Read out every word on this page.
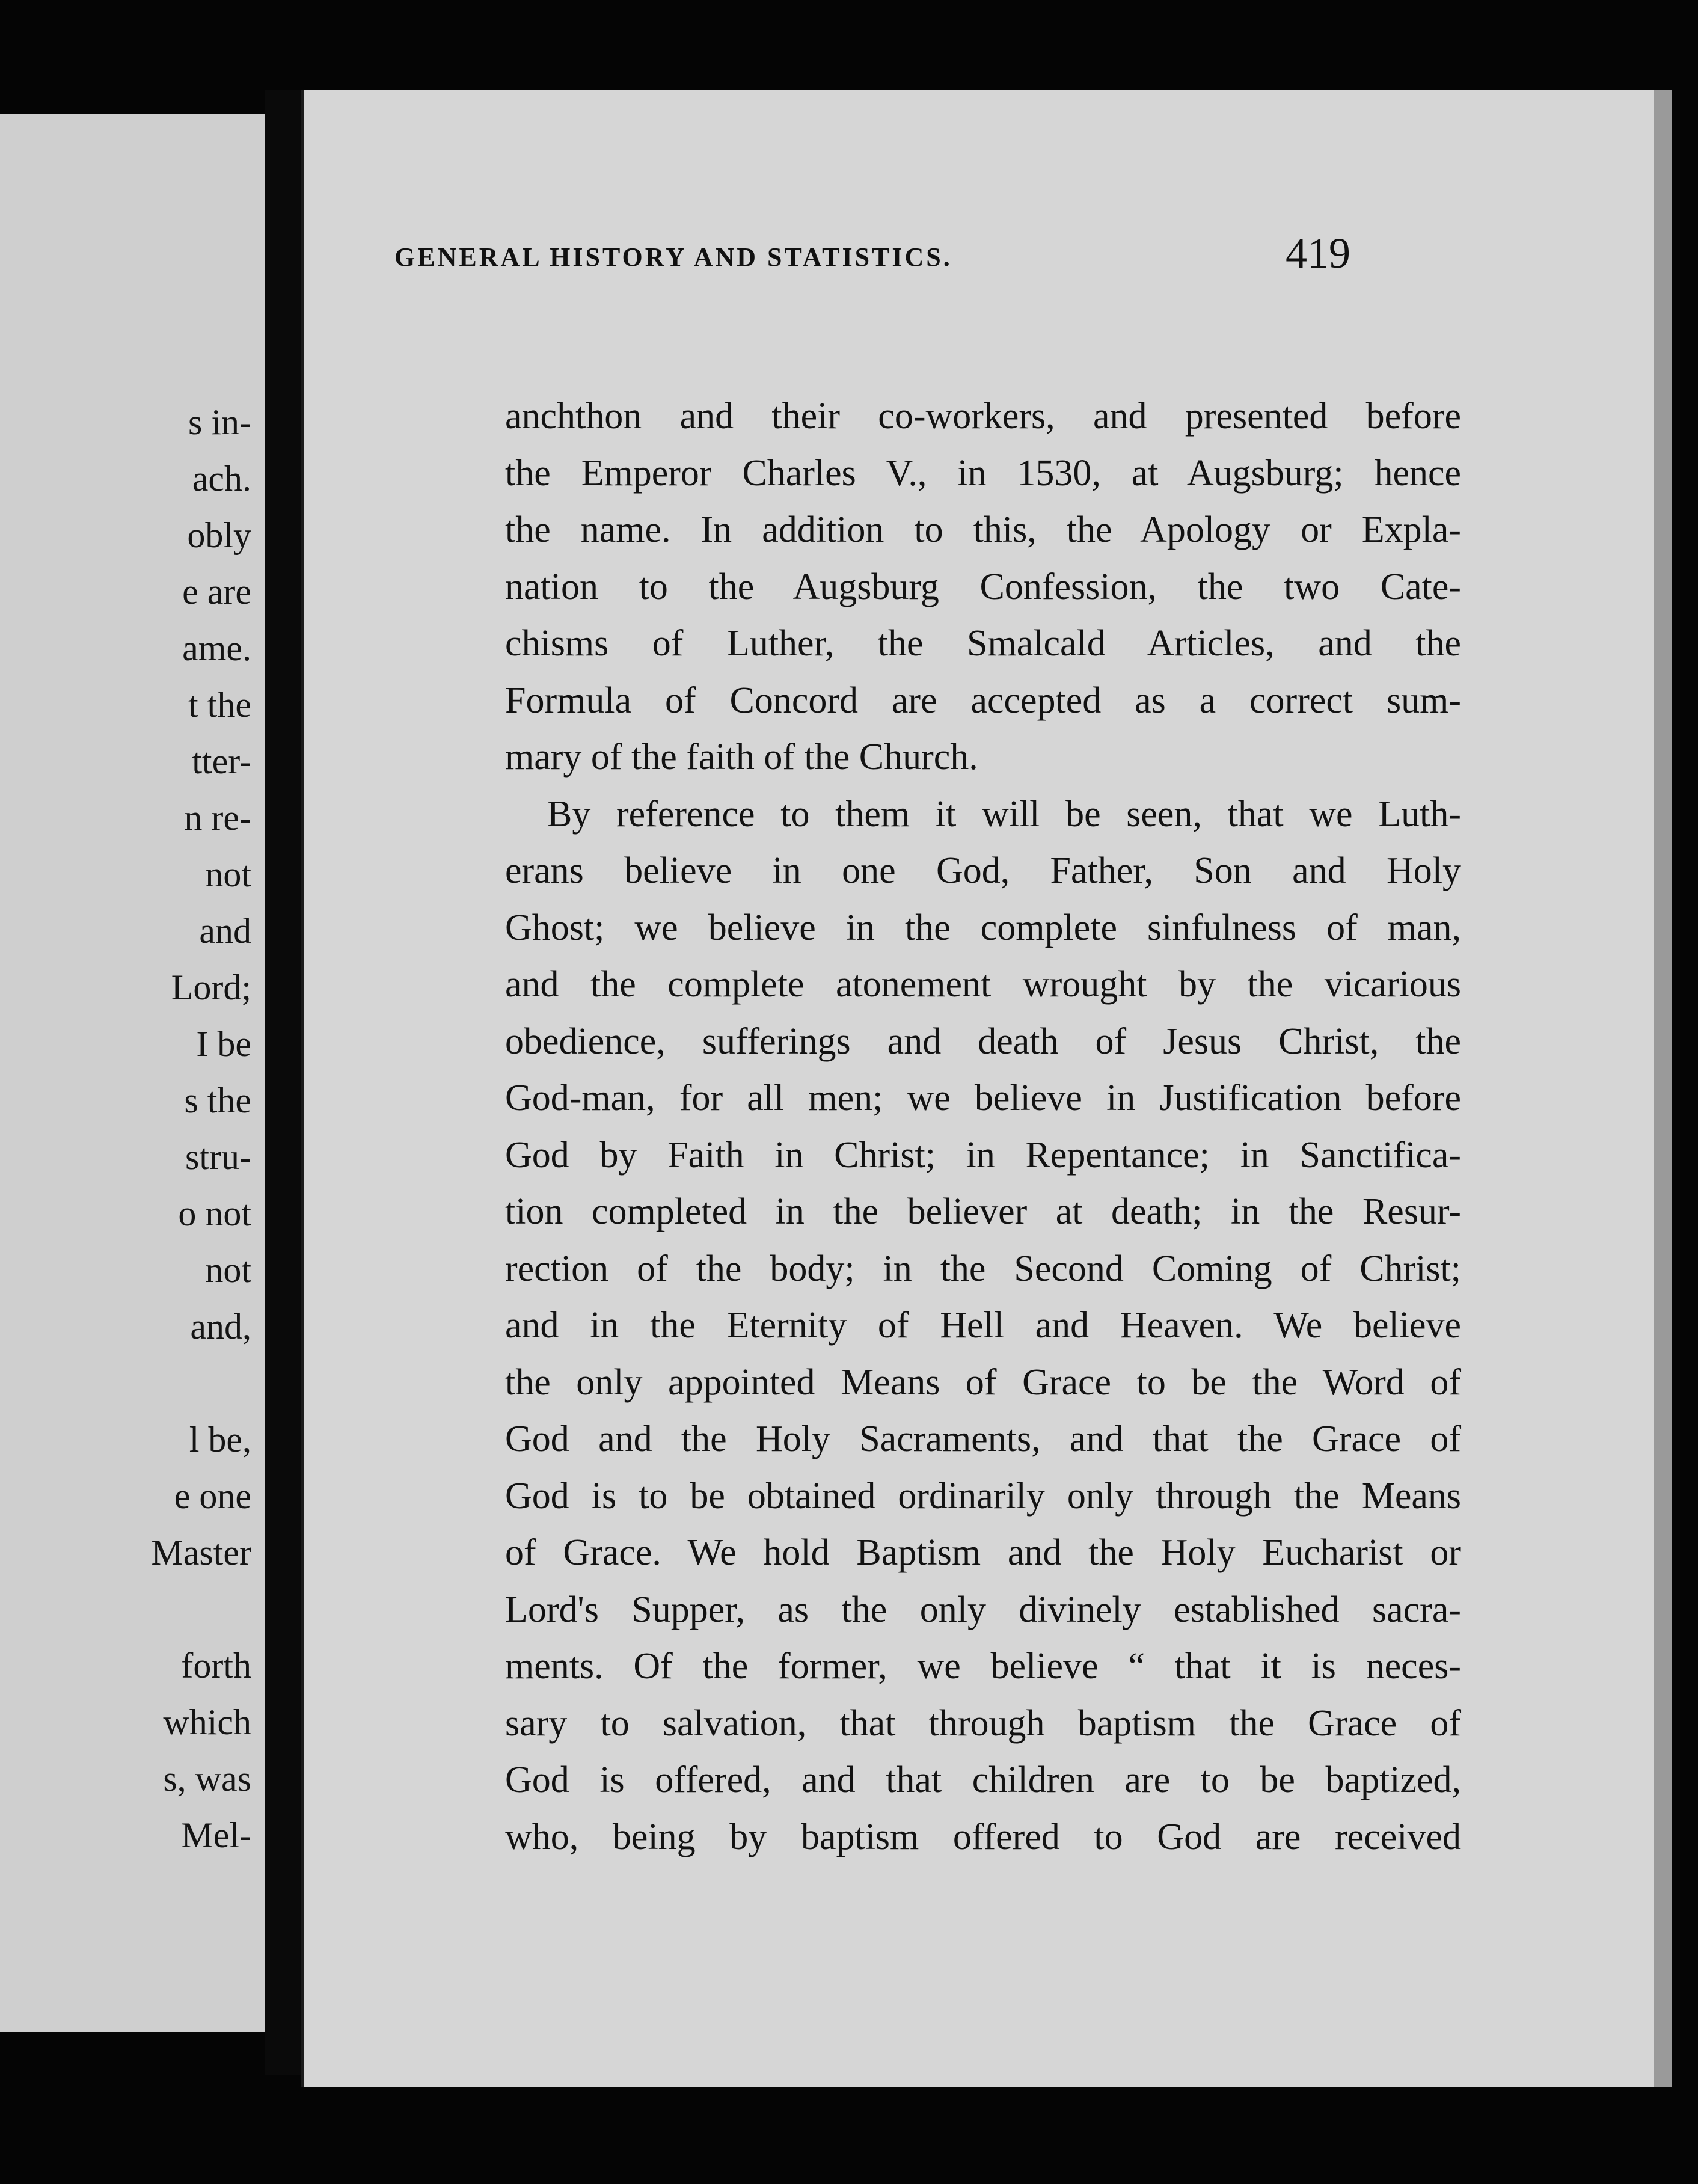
s in-
ach.
obly
e are
ame.
t the
tter-
n re-
not
and
Lord;
I be
s the
stru-
o not
not
and,
l be,
e one
Master
forth
which
s, was
Mel-
GENERAL HISTORY AND STATISTICS.	419
anchthon and their co-workers, and presented before
the Emperor Charles V., in 1530, at Augsburg; hence
the name. In addition to this, the Apology or Expla-
nation to the Augsburg Confession, the two Cate-
chisms of Luther, the Smalcald Articles, and the
Formula of Concord are accepted as a correct sum-
mary of the faith of the Church.
By reference to them it will be seen, that we Luth-
erans believe in one God, Father, Son and Holy
Ghost; we believe in the complete sinfulness of man,
and the complete atonement wrought by the vicarious
obedience, sufferings and death of Jesus Christ, the
God-man, for all men; we believe in Justification before
God by Faith in Christ; in Repentance; in Sanctifica-
tion completed in the believer at death; in the Resur-
rection of the body; in the Second Coming of Christ;
and in the Eternity of Hell and Heaven. We believe
the only appointed Means of Grace to be the Word of
God and the Holy Sacraments, and that the Grace of
God is to be obtained ordinarily only through the Means
of Grace. We hold Baptism and the Holy Eucharist or
Lord's Supper, as the only divinely established sacra-
ments. Of the former, we believe “ that it is neces-
sary to salvation, that through baptism the Grace of
God is offered, and that children are to be baptized,
who, being by baptism offered to God are received
